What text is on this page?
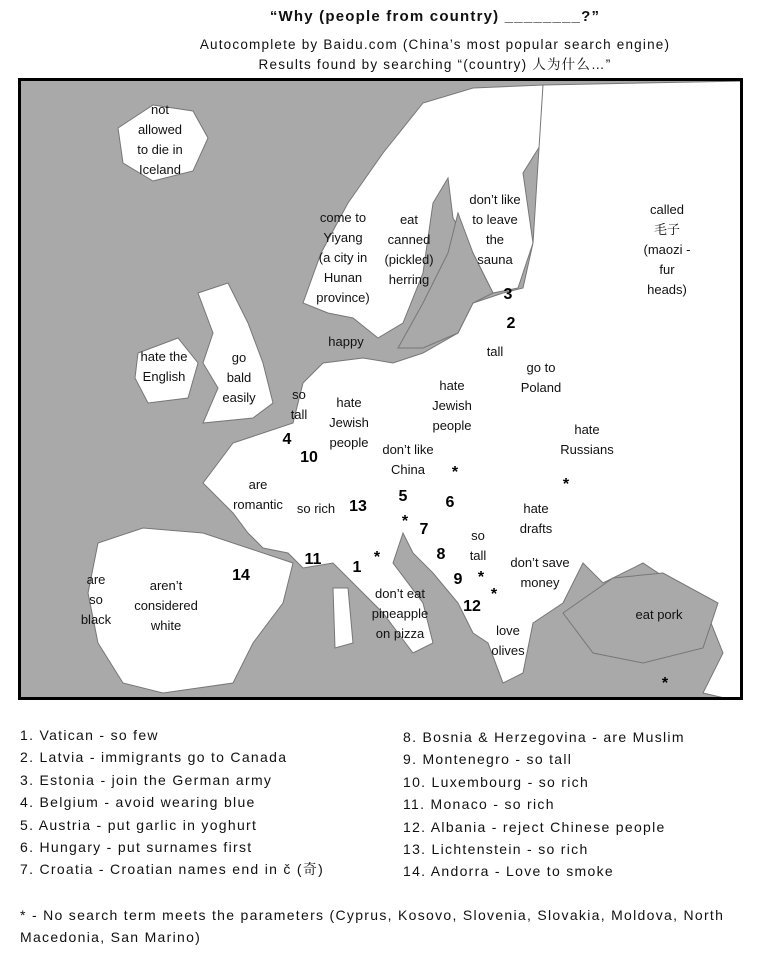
“Why (people from country) ________?”
Autocomplete by Baidu.com (China’s most popular search engine)
Results found by searching “(country) 人为什么…”
not
allowed
to die in
Iceland
come to
Yiyang
(a city in
Hunan
province)
eat
canned
(pickled)
herring
don’t like
to leave
the
sauna
called
毛子
(maozi -
fur
heads)
happy
tall
go to
Poland
hate the
English
go
bald
easily	so
tall
hate
Jewish
people
hate
Jewish
people	hate
Russians
don’t like
China
are
romantic so rich	hate
drafts
so
tall don’t save
money
don’t eat
pineapple
on pizza	love
olives
are
so
black
aren’t
considered
white
eat pork
3
2
4
10
13
5 6
7
8
11 1
14	9
12
*
*
*
*
*
*
*
1. Vatican - so few
2. Latvia - immigrants go to Canada
3. Estonia - join the German army
4. Belgium - avoid wearing blue
5. Austria - put garlic in yoghurt
6. Hungary - put surnames first
7. Croatia - Croatian names end in č (奇)
8. Bosnia & Herzegovina - are Muslim
9. Montenegro - so tall
10. Luxembourg - so rich
11. Monaco - so rich
12. Albania - reject Chinese people
13. Lichtenstein - so rich
14. Andorra - Love to smoke
* - No search term meets the parameters (Cyprus, Kosovo, Slovenia, Slovakia, Moldova, North Macedonia, San Marino)
